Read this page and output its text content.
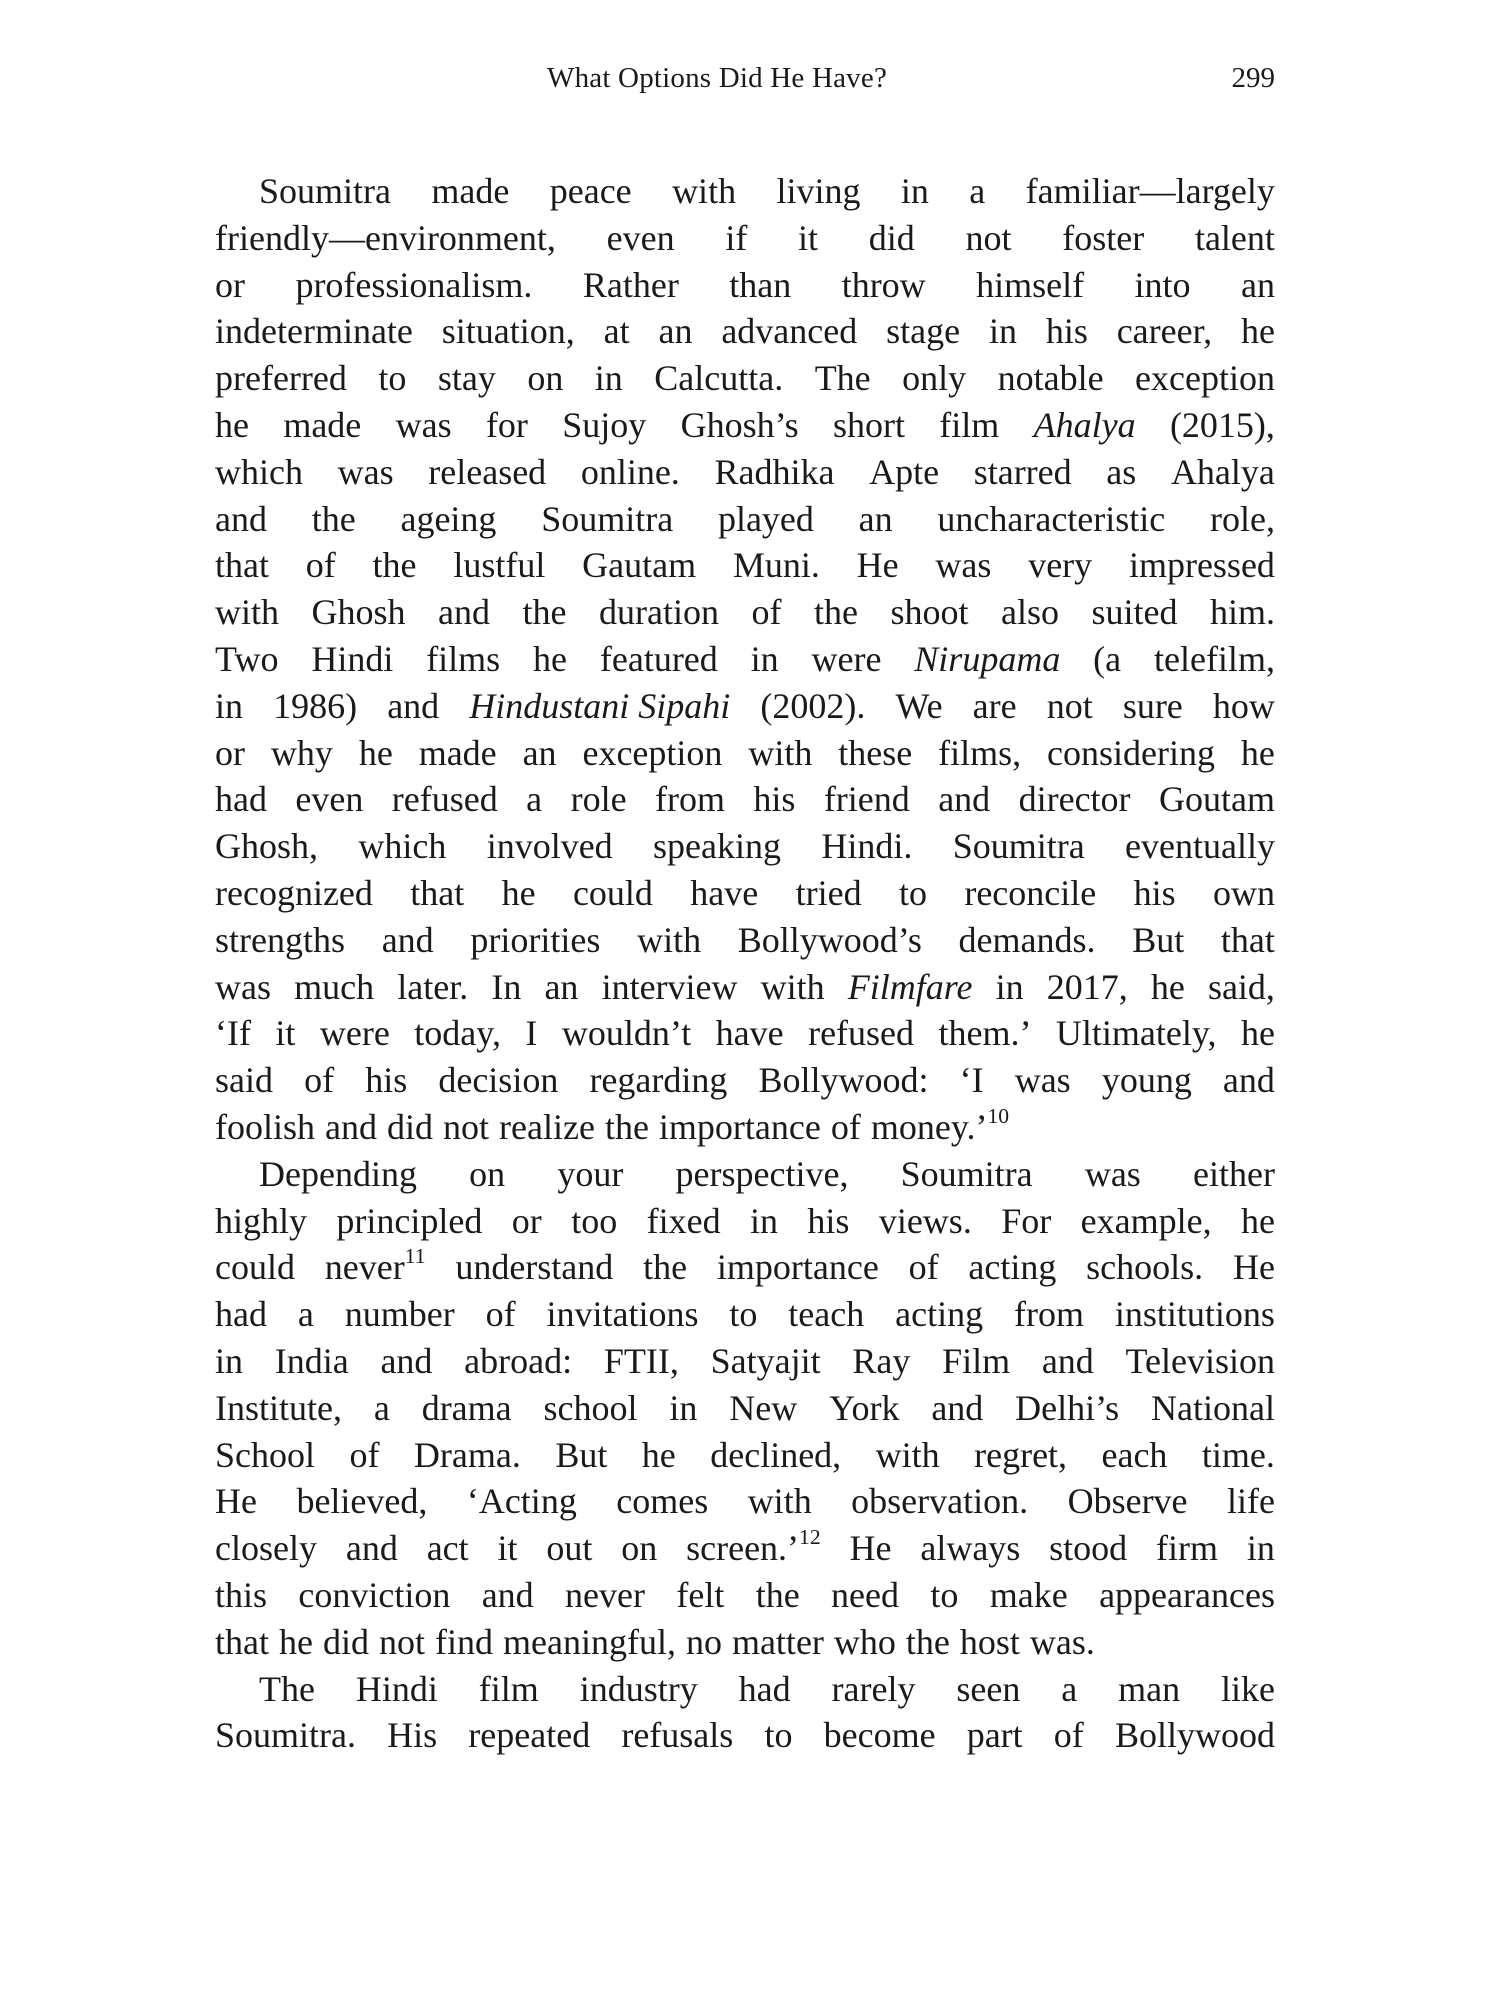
What Options Did He Have?	299
Soumitra made peace with living in a familiar—largely
friendly—environment, even if it did not foster talent
or professionalism. Rather than throw himself into an
indeterminate situation, at an advanced stage in his career, he
preferred to stay on in Calcutta. The only notable exception
he made was for Sujoy Ghosh’s short film Ahalya (2015),
which was released online. Radhika Apte starred as Ahalya
and the ageing Soumitra played an uncharacteristic role,
that of the lustful Gautam Muni. He was very impressed
with Ghosh and the duration of the shoot also suited him.
Two Hindi films he featured in were Nirupama (a telefilm,
in 1986) and Hindustani Sipahi (2002). We are not sure how
or why he made an exception with these films, considering he
had even refused a role from his friend and director Goutam
Ghosh, which involved speaking Hindi. Soumitra eventually
recognized that he could have tried to reconcile his own
strengths and priorities with Bollywood’s demands. But that
was much later. In an interview with Filmfare in 2017, he said,
‘If it were today, I wouldn’t have refused them.’ Ultimately, he
said of his decision regarding Bollywood: ‘I was young and
foolish and did not realize the importance of money.’$^{10}$
Depending on your perspective, Soumitra was either
highly principled or too fixed in his views. For example, he
could never$^{11}$ understand the importance of acting schools. He
had a number of invitations to teach acting from institutions
in India and abroad: FTII, Satyajit Ray Film and Television
Institute, a drama school in New York and Delhi’s National
School of Drama. But he declined, with regret, each time.
He believed, ‘Acting comes with observation. Observe life
closely and act it out on screen.’$^{12}$ He always stood firm in
this conviction and never felt the need to make appearances
that he did not find meaningful, no matter who the host was.
The Hindi film industry had rarely seen a man like
Soumitra. His repeated refusals to become part of Bollywood
